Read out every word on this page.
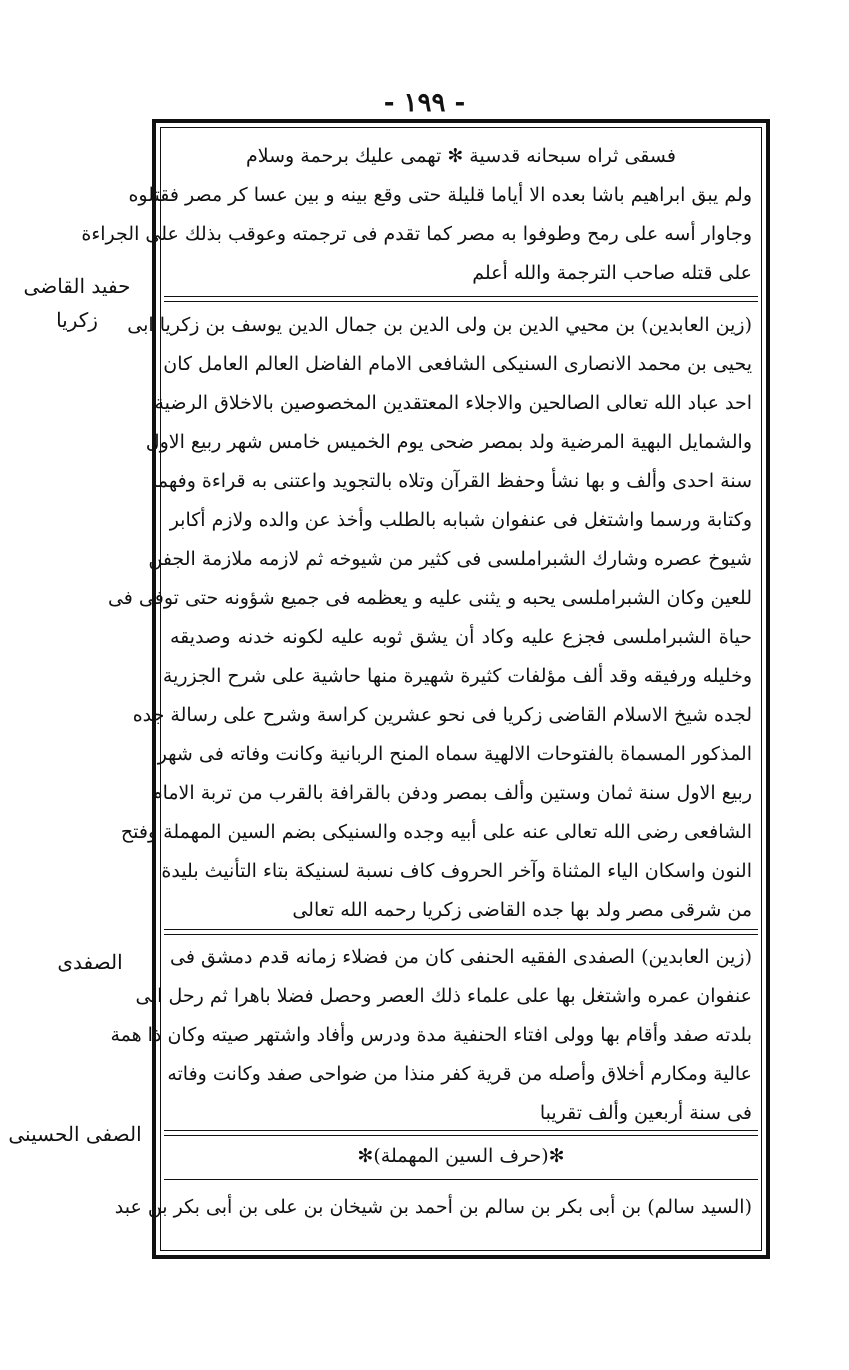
- ١٩٩ -
فسقى ثراه سبحانه قدسية ✻ تهمى عليك برحمة وسلام
ولم يبق ابراهيم باشا بعده الا أياما قليلة حتى وقع بينه و بين عسا كر مصر فقتلوه
وجاوار أسه على رمح وطوفوا به مصر كما تقدم فى ترجمته وعوقب بذلك على الجراءة
على قتله صاحب الترجمة والله أعلم
(زين العابدين) بن محيي الدين بن ولى الدين بن جمال الدين يوسف بن زكريا ابى
يحيى بن محمد الانصارى السنيكى الشافعى الامام الفاضل العالم العامل كان
احد عباد الله تعالى الصالحين والاجلاء المعتقدين المخصوصين بالاخلاق الرضية
والشمايل البهية المرضية ولد بمصر ضحى يوم الخميس خامس شهر ربيع الاول
سنة احدى وألف و بها نشأ وحفظ القرآن وتلاه بالتجويد واعتنى به قراءة وفهما
وكتابة ورسما واشتغل فى عنفوان شبابه بالطلب وأخذ عن والده ولازم أكابر
شيوخ عصره وشارك الشبراملسى فى كثير من شيوخه ثم لازمه ملازمة الجفن
للعين وكان الشبراملسى يحبه و يثنى عليه و يعظمه فى جميع شؤونه حتى توفى فى
حياة الشبراملسى فجزع عليه وكاد أن يشق ثوبه عليه لكونه خدنه وصديقه
وخليله ورفيقه وقد ألف مؤلفات كثيرة شهيرة منها حاشية على شرح الجزرية
لجده شيخ الاسلام القاضى زكريا فى نحو عشرين كراسة وشرح على رسالة جده
المذكور المسماة بالفتوحات الالهية سماه المنح الربانية وكانت وفاته فى شهر
ربيع الاول سنة ثمان وستين وألف بمصر ودفن بالقرافة بالقرب من تربة الامام
الشافعى رضى الله تعالى عنه على أبيه وجده والسنيكى بضم السين المهملة وفتح
النون واسكان الياء المثناة وآخر الحروف كاف نسبة لسنيكة بتاء التأنيث بليدة
من شرقى مصر ولد بها جده القاضى زكريا رحمه الله تعالى
(زين العابدين) الصفدى الفقيه الحنفى كان من فضلاء زمانه قدم دمشق فى
عنفوان عمره واشتغل بها على علماء ذلك العصر وحصل فضلا باهرا ثم رحل الى
بلدته صفد وأقام بها وولى افتاء الحنفية مدة ودرس وأفاد واشتهر صيته وكان ذا همة
عالية ومكارم أخلاق وأصله من قرية كفر منذا من ضواحى صفد وكانت وفاته
فى سنة أربعين وألف تقريبا
✻(حرف السين المهملة)✻
(السيد سالم) بن أبى بكر بن سالم بن أحمد بن شيخان بن على بن أبى بكر بن عبد
حفيد القاضى
زكريا
الصفدى
الصفى الحسينى
